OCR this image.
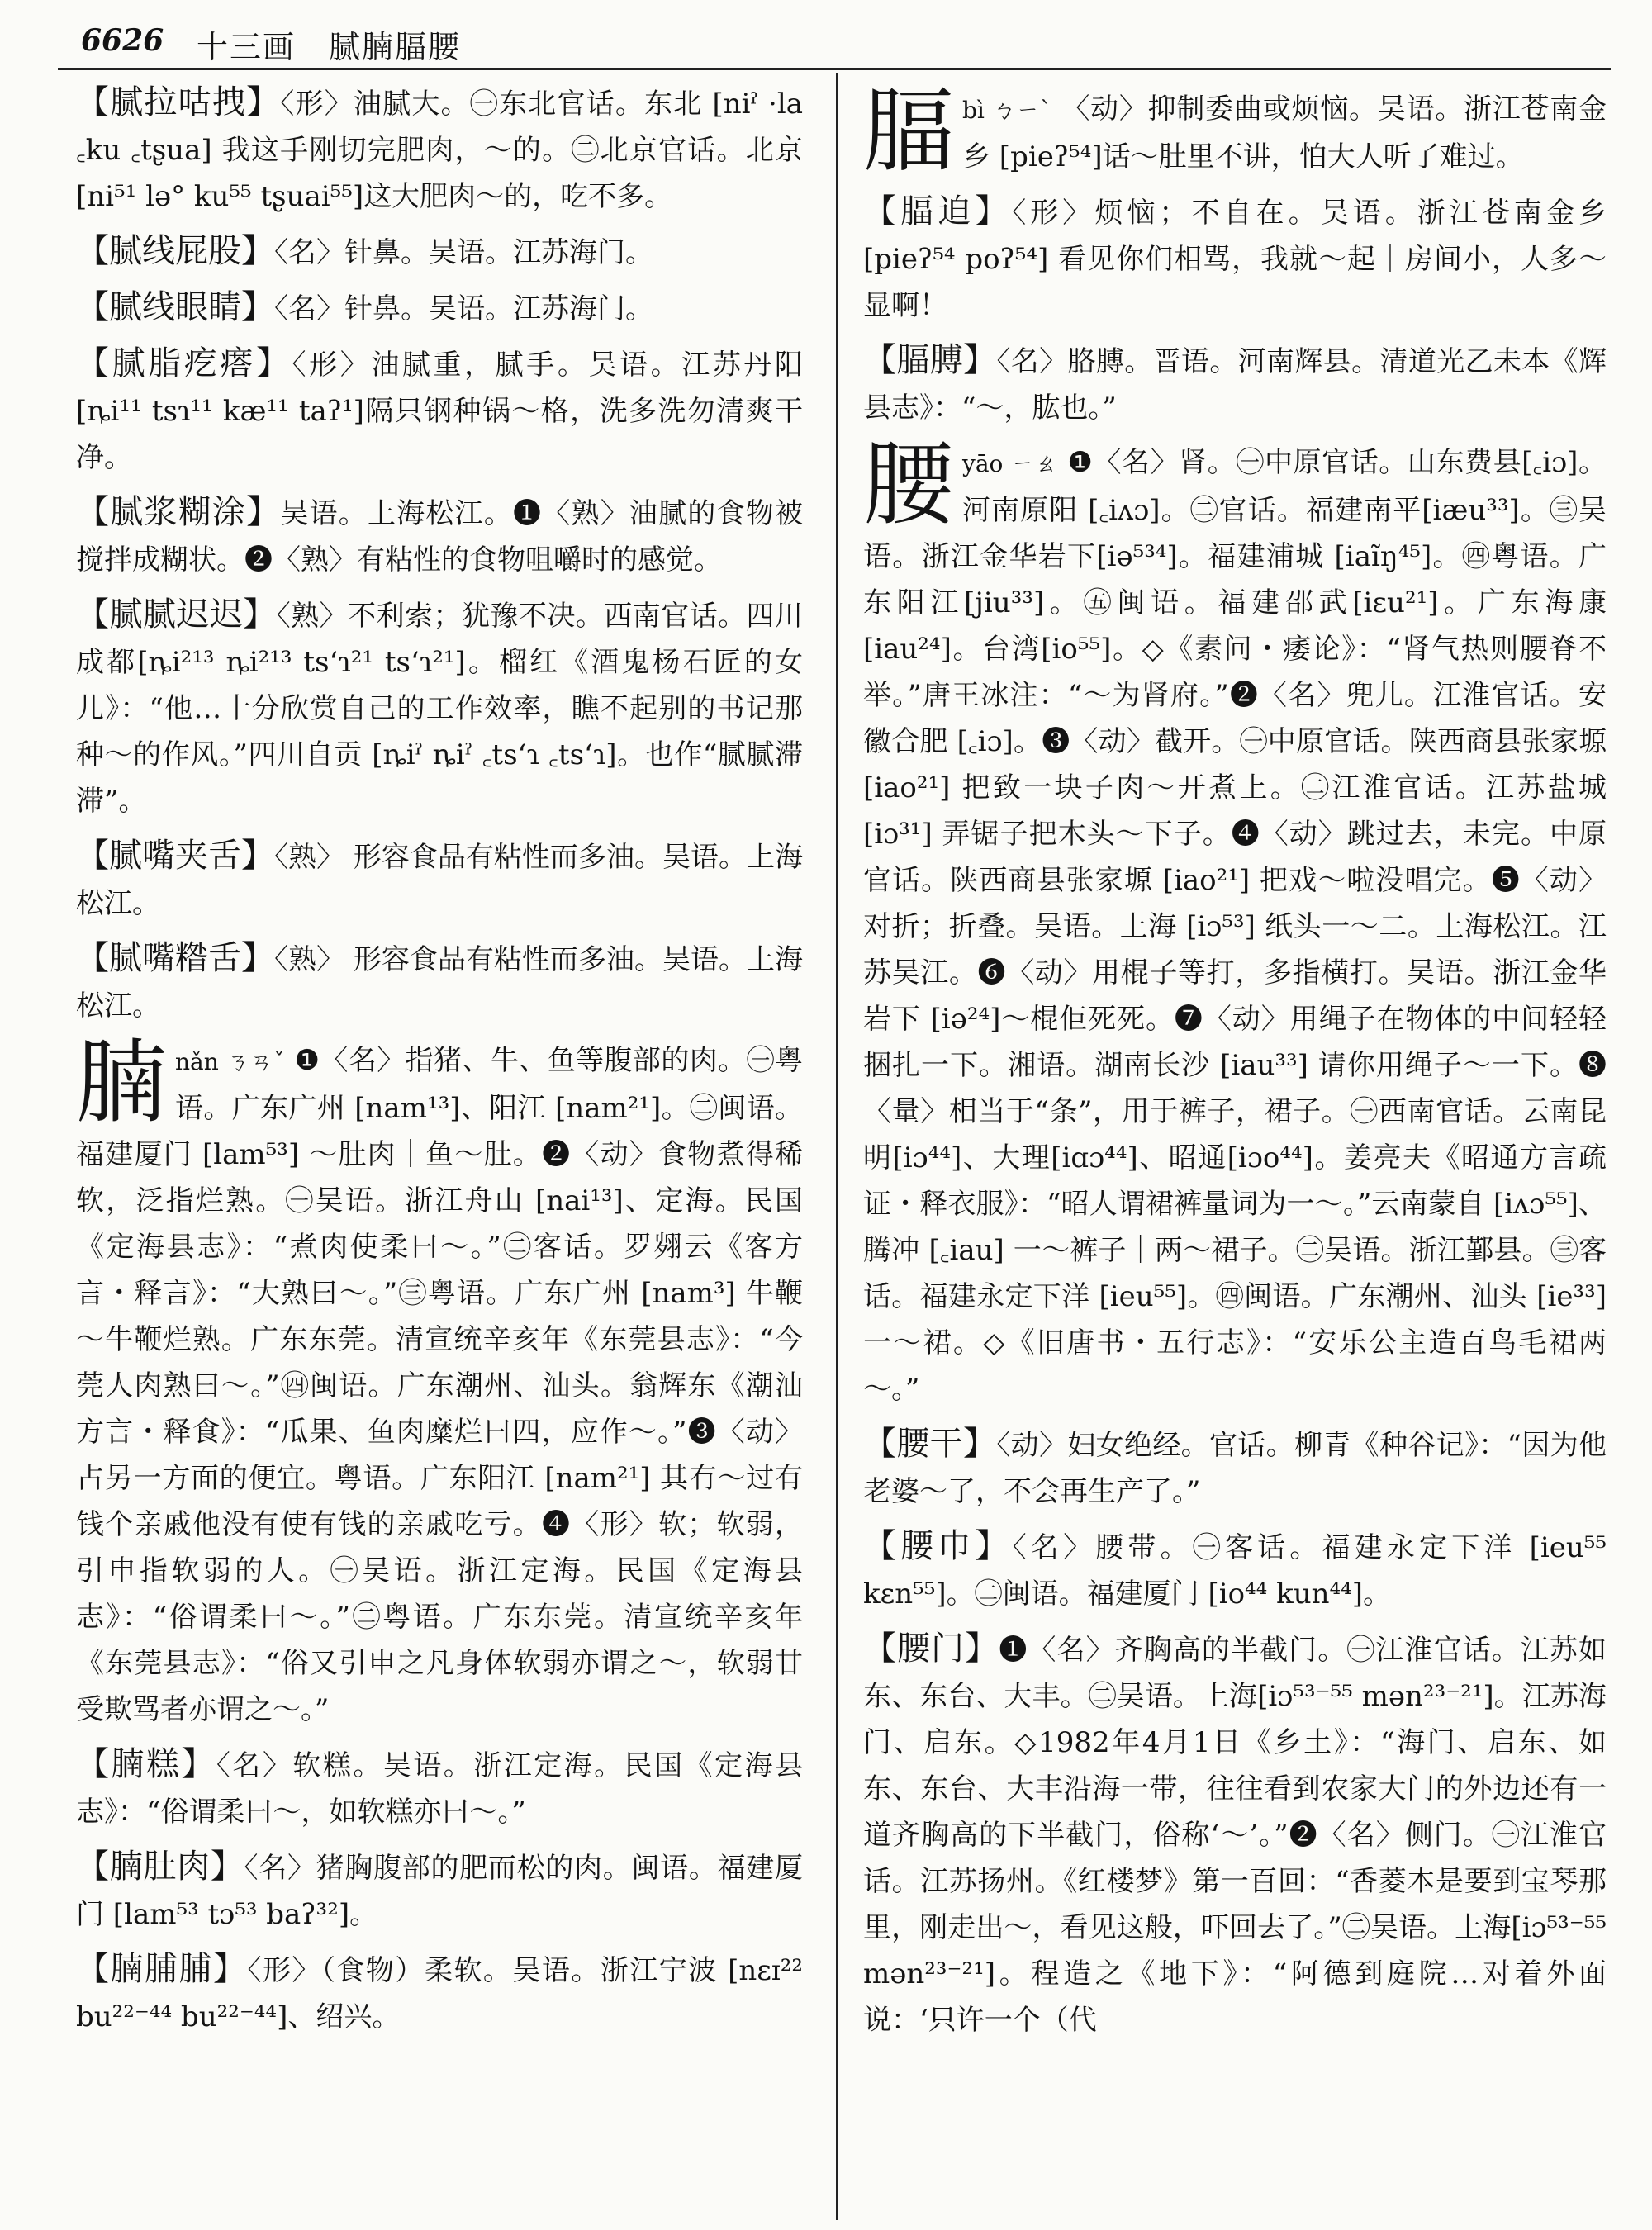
6626 十三画　腻腩腷腰

【腻拉咕拽】〈形〉油腻大。㊀东北官话。东北 [niˀ ·la ꜀ku ꜀tʂua] 我这手刚切完肥肉，～的。㊁北京官话。北京 [ni⁵¹ lə° ku⁵⁵ tʂuai⁵⁵]这大肥肉～的，吃不多。

【腻线屁股】〈名〉针鼻。吴语。江苏海门。

【腻线眼睛】〈名〉针鼻。吴语。江苏海门。

【腻脂疙瘩】〈形〉油腻重，腻手。吴语。江苏丹阳 [ȵi¹¹ tsɿ¹¹ kæ¹¹ taʔ¹]隔只钢种锅～格，洗多洗勿清爽干净。

【腻浆糊涂】吴语。上海松江。❶〈熟〉油腻的食物被搅拌成糊状。❷〈熟〉有粘性的食物咀嚼时的感觉。

【腻腻迟迟】〈熟〉不利索；犹豫不决。西南官话。四川成都[ȵi²¹³ ȵi²¹³ tsʻɿ²¹ tsʻɿ²¹]。榴红《酒鬼杨石匠的女儿》：“他…十分欣赏自己的工作效率，瞧不起别的书记那种～的作风。”四川自贡 [ȵiˀ ȵiˀ ꜀tsʻɿ ꜀tsʻɿ]。也作“腻腻滞滞”。

【腻嘴夹舌】〈熟〉 形容食品有粘性而多油。吴语。上海松江。

【腻嘴糌舌】〈熟〉 形容食品有粘性而多油。吴语。上海松江。

腩nǎn ㄋㄢˇ ❶〈名〉指猪、牛、鱼等腹部的肉。㊀粤语。广东广州 [nam¹³]、阳江 [nam²¹]。㊁闽语。福建厦门 [lam⁵³] ～肚肉｜鱼～肚。❷〈动〉食物煮得稀软，泛指烂熟。㊀吴语。浙江舟山 [nai¹³]、定海。民国《定海县志》：“煮肉使柔曰～。”㊁客话。罗翙云《客方言・释言》：“大熟曰～。”㊂粤语。广东广州 [nam³] 牛鞭～牛鞭烂熟。广东东莞。清宣统辛亥年《东莞县志》：“今莞人肉熟曰～。”㊃闽语。广东潮州、汕头。翁辉东《潮汕方言・释食》：“瓜果、鱼肉糜烂曰四，应作～。”❸〈动〉占另一方面的便宜。粤语。广东阳江 [nam²¹] 其冇～过有钱个亲戚他没有使有钱的亲戚吃亏。❹〈形〉软；软弱，引申指软弱的人。㊀吴语。浙江定海。民国《定海县志》：“俗谓柔曰～。”㊁粤语。广东东莞。清宣统辛亥年《东莞县志》：“俗又引申之凡身体软弱亦谓之～，软弱甘受欺骂者亦谓之～。”

【腩糕】〈名〉软糕。吴语。浙江定海。民国《定海县志》：“俗谓柔曰～，如软糕亦曰～。”

【腩肚肉】〈名〉猪胸腹部的肥而松的肉。闽语。福建厦门 [lam⁵³ tɔ⁵³ baʔ³²]。

【腩脯脯】〈形〉（食物）柔软。吴语。浙江宁波 [nɛɪ²² bu²²⁻⁴⁴ bu²²⁻⁴⁴]、绍兴。

腷bì ㄅㄧˋ 〈动〉抑制委曲或烦恼。吴语。浙江苍南金乡 [pieʔ⁵⁴]话～肚里不讲，怕大人听了难过。

【腷迫】〈形〉烦恼；不自在。吴语。浙江苍南金乡 [pieʔ⁵⁴ poʔ⁵⁴] 看见你们相骂，我就～起｜房间小，人多～显啊！

【腷膊】〈名〉胳膊。晋语。河南辉县。清道光乙未本《辉县志》：“～，肱也。”

腰yāo ㄧㄠ ❶〈名〉肾。㊀中原官话。山东费县[꜀iɔ]。河南原阳 [꜀iʌɔ]。㊁官话。福建南平[iæu³³]。㊂吴语。浙江金华岩下[iə⁵³⁴]。福建浦城 [iaĩŋ⁴⁵]。㊃粤语。广东阳江[jiu³³]。㊄闽语。福建邵武[iɛu²¹]。广东海康[iau²⁴]。台湾[io⁵⁵]。◇《素问・痿论》：“肾气热则腰脊不举。”唐王冰注：“～为肾府。”❷〈名〉兜儿。江淮官话。安徽合肥 [꜀iɔ]。❸〈动〉截开。㊀中原官话。陕西商县张家塬 [iao²¹] 把致一块子肉～开煮上。㊁江淮官话。江苏盐城 [iɔ³¹] 弄锯子把木头～下子。❹〈动〉跳过去，未完。中原官话。陕西商县张家塬 [iao²¹] 把戏～啦没唱完。❺〈动〉对折；折叠。吴语。上海 [iɔ⁵³] 纸头一～二。上海松江。江苏吴江。❻〈动〉用棍子等打，多指横打。吴语。浙江金华岩下 [iə²⁴]～棍佢死死。❼〈动〉用绳子在物体的中间轻轻捆扎一下。湘语。湖南长沙 [iau³³] 请你用绳子～一下。❽〈量〉相当于“条”，用于裤子，裙子。㊀西南官话。云南昆明[iɔ⁴⁴]、大理[iɑɔ⁴⁴]、昭通[iɔo⁴⁴]。姜亮夫《昭通方言疏证・释衣服》：“昭人谓裙裤量词为一～。”云南蒙自 [iʌɔ⁵⁵]、腾冲 [꜀iau] 一～裤子｜两～裙子。㊁吴语。浙江鄞县。㊂客话。福建永定下洋 [ieu⁵⁵]。㊃闽语。广东潮州、汕头 [ie³³] 一～裙。◇《旧唐书・五行志》：“安乐公主造百鸟毛裙两～。”

【腰干】〈动〉妇女绝经。官话。柳青《种谷记》：“因为他老婆～了，不会再生产了。”

【腰巾】〈名〉腰带。㊀客话。福建永定下洋 [ieu⁵⁵ kɛn⁵⁵]。㊁闽语。福建厦门 [io⁴⁴ kun⁴⁴]。

【腰门】❶〈名〉齐胸高的半截门。㊀江淮官话。江苏如东、东台、大丰。㊁吴语。上海[iɔ⁵³⁻⁵⁵ mən²³⁻²¹]。江苏海门、启东。◇1982年4月1日《乡土》：“海门、启东、如东、东台、大丰沿海一带，往往看到农家大门的外边还有一道齐胸高的下半截门，俗称‘～’。”❷〈名〉侧门。㊀江淮官话。江苏扬州。《红楼梦》第一百回：“香菱本是要到宝琴那里，刚走出～，看见这般，吓回去了。”㊁吴语。上海[iɔ⁵³⁻⁵⁵ mən²³⁻²¹]。程造之《地下》：“阿德到庭院…对着外面说：‘只许一个（代
